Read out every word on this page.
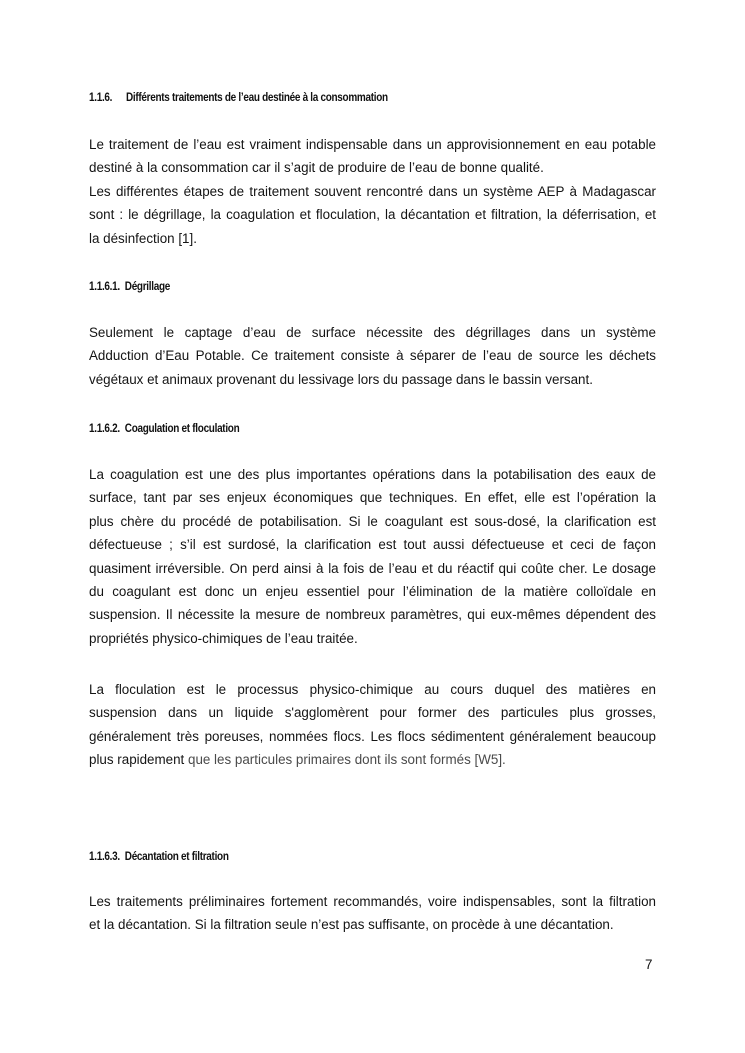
1.1.6. Différents traitements de l’eau destinée à la consommation
Le traitement de l’eau est vraiment indispensable dans un approvisionnement en eau potable
destiné à la consommation car il s’agit de produire de l’eau de bonne qualité.
Les différentes étapes de traitement souvent rencontré dans un système AEP à Madagascar
sont : le dégrillage, la coagulation et floculation, la décantation et filtration, la déferrisation, et
la désinfection [1].
1.1.6.1.  Dégrillage
Seulement le captage d’eau de surface nécessite des dégrillages dans un système
Adduction d’Eau Potable. Ce traitement consiste à séparer de l’eau de source les déchets
végétaux et animaux provenant du lessivage lors du passage dans le bassin versant.
1.1.6.2.  Coagulation et floculation
La coagulation est une des plus importantes opérations dans la potabilisation des eaux de
surface, tant par ses enjeux économiques que techniques. En effet, elle est l’opération la
plus chère du procédé de potabilisation. Si le coagulant est sous-dosé, la clarification est
défectueuse ; s’il est surdosé, la clarification est tout aussi défectueuse et ceci de façon
quasiment irréversible. On perd ainsi à la fois de l’eau et du réactif qui coûte cher. Le dosage
du coagulant est donc un enjeu essentiel pour l’élimination de la matière colloïdale en
suspension. Il nécessite la mesure de nombreux paramètres, qui eux-mêmes dépendent des
propriétés physico-chimiques de l’eau traitée.
La floculation est le processus physico-chimique au cours duquel des matières en
suspension dans un liquide s'agglomèrent pour former des particules plus grosses,
généralement très poreuses, nommées flocs. Les flocs sédimentent généralement beaucoup
plus rapidement que les particules primaires dont ils sont formés [W5].
1.1.6.3.  Décantation et filtration
Les traitements préliminaires fortement recommandés, voire indispensables, sont la filtration
et la décantation. Si la filtration seule n’est pas suffisante, on procède à une décantation.
7
